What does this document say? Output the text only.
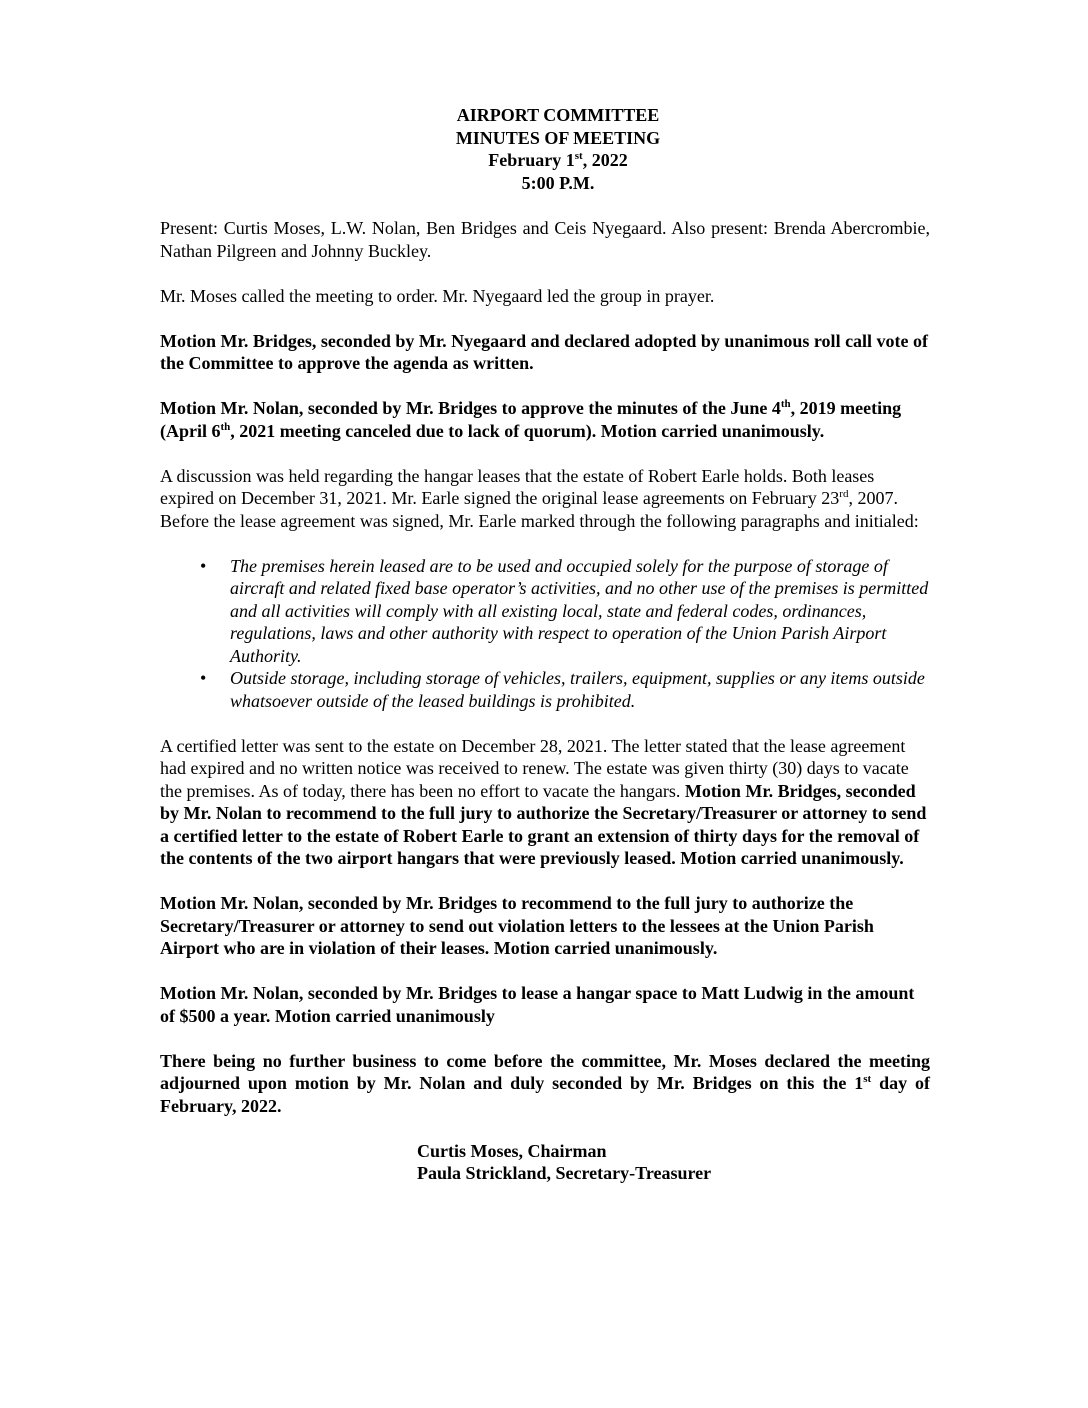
AIRPORT COMMITTEE
MINUTES OF MEETING
February 1st, 2022
5:00 P.M.

Present: Curtis Moses, L.W. Nolan, Ben Bridges and Ceis Nyegaard. Also present: Brenda Abercrombie, Nathan Pilgreen and Johnny Buckley.

Mr. Moses called the meeting to order. Mr. Nyegaard led the group in prayer.

Motion Mr. Bridges, seconded by Mr. Nyegaard and declared adopted by unanimous roll call vote of the Committee to approve the agenda as written.

Motion Mr. Nolan, seconded by Mr. Bridges to approve the minutes of the June 4th, 2019 meeting (April 6th, 2021 meeting canceled due to lack of quorum). Motion carried unanimously.

A discussion was held regarding the hangar leases that the estate of Robert Earle holds. Both leases expired on December 31, 2021. Mr. Earle signed the original lease agreements on February 23rd, 2007. Before the lease agreement was signed, Mr. Earle marked through the following paragraphs and initialed:

• The premises herein leased are to be used and occupied solely for the purpose of storage of aircraft and related fixed base operator’s activities, and no other use of the premises is permitted and all activities will comply with all existing local, state and federal codes, ordinances, regulations, laws and other authority with respect to operation of the Union Parish Airport Authority.
• Outside storage, including storage of vehicles, trailers, equipment, supplies or any items outside whatsoever outside of the leased buildings is prohibited.

A certified letter was sent to the estate on December 28, 2021. The letter stated that the lease agreement had expired and no written notice was received to renew. The estate was given thirty (30) days to vacate the premises. As of today, there has been no effort to vacate the hangars. Motion Mr. Bridges, seconded by Mr. Nolan to recommend to the full jury to authorize the Secretary/Treasurer or attorney to send a certified letter to the estate of Robert Earle to grant an extension of thirty days for the removal of the contents of the two airport hangars that were previously leased. Motion carried unanimously.

Motion Mr. Nolan, seconded by Mr. Bridges to recommend to the full jury to authorize the Secretary/Treasurer or attorney to send out violation letters to the lessees at the Union Parish Airport who are in violation of their leases. Motion carried unanimously.

Motion Mr. Nolan, seconded by Mr. Bridges to lease a hangar space to Matt Ludwig in the amount of $500 a year. Motion carried unanimously

There being no further business to come before the committee, Mr. Moses declared the meeting adjourned upon motion by Mr. Nolan and duly seconded by Mr. Bridges on this the 1st day of February, 2022.

Curtis Moses, Chairman
Paula Strickland, Secretary-Treasurer
